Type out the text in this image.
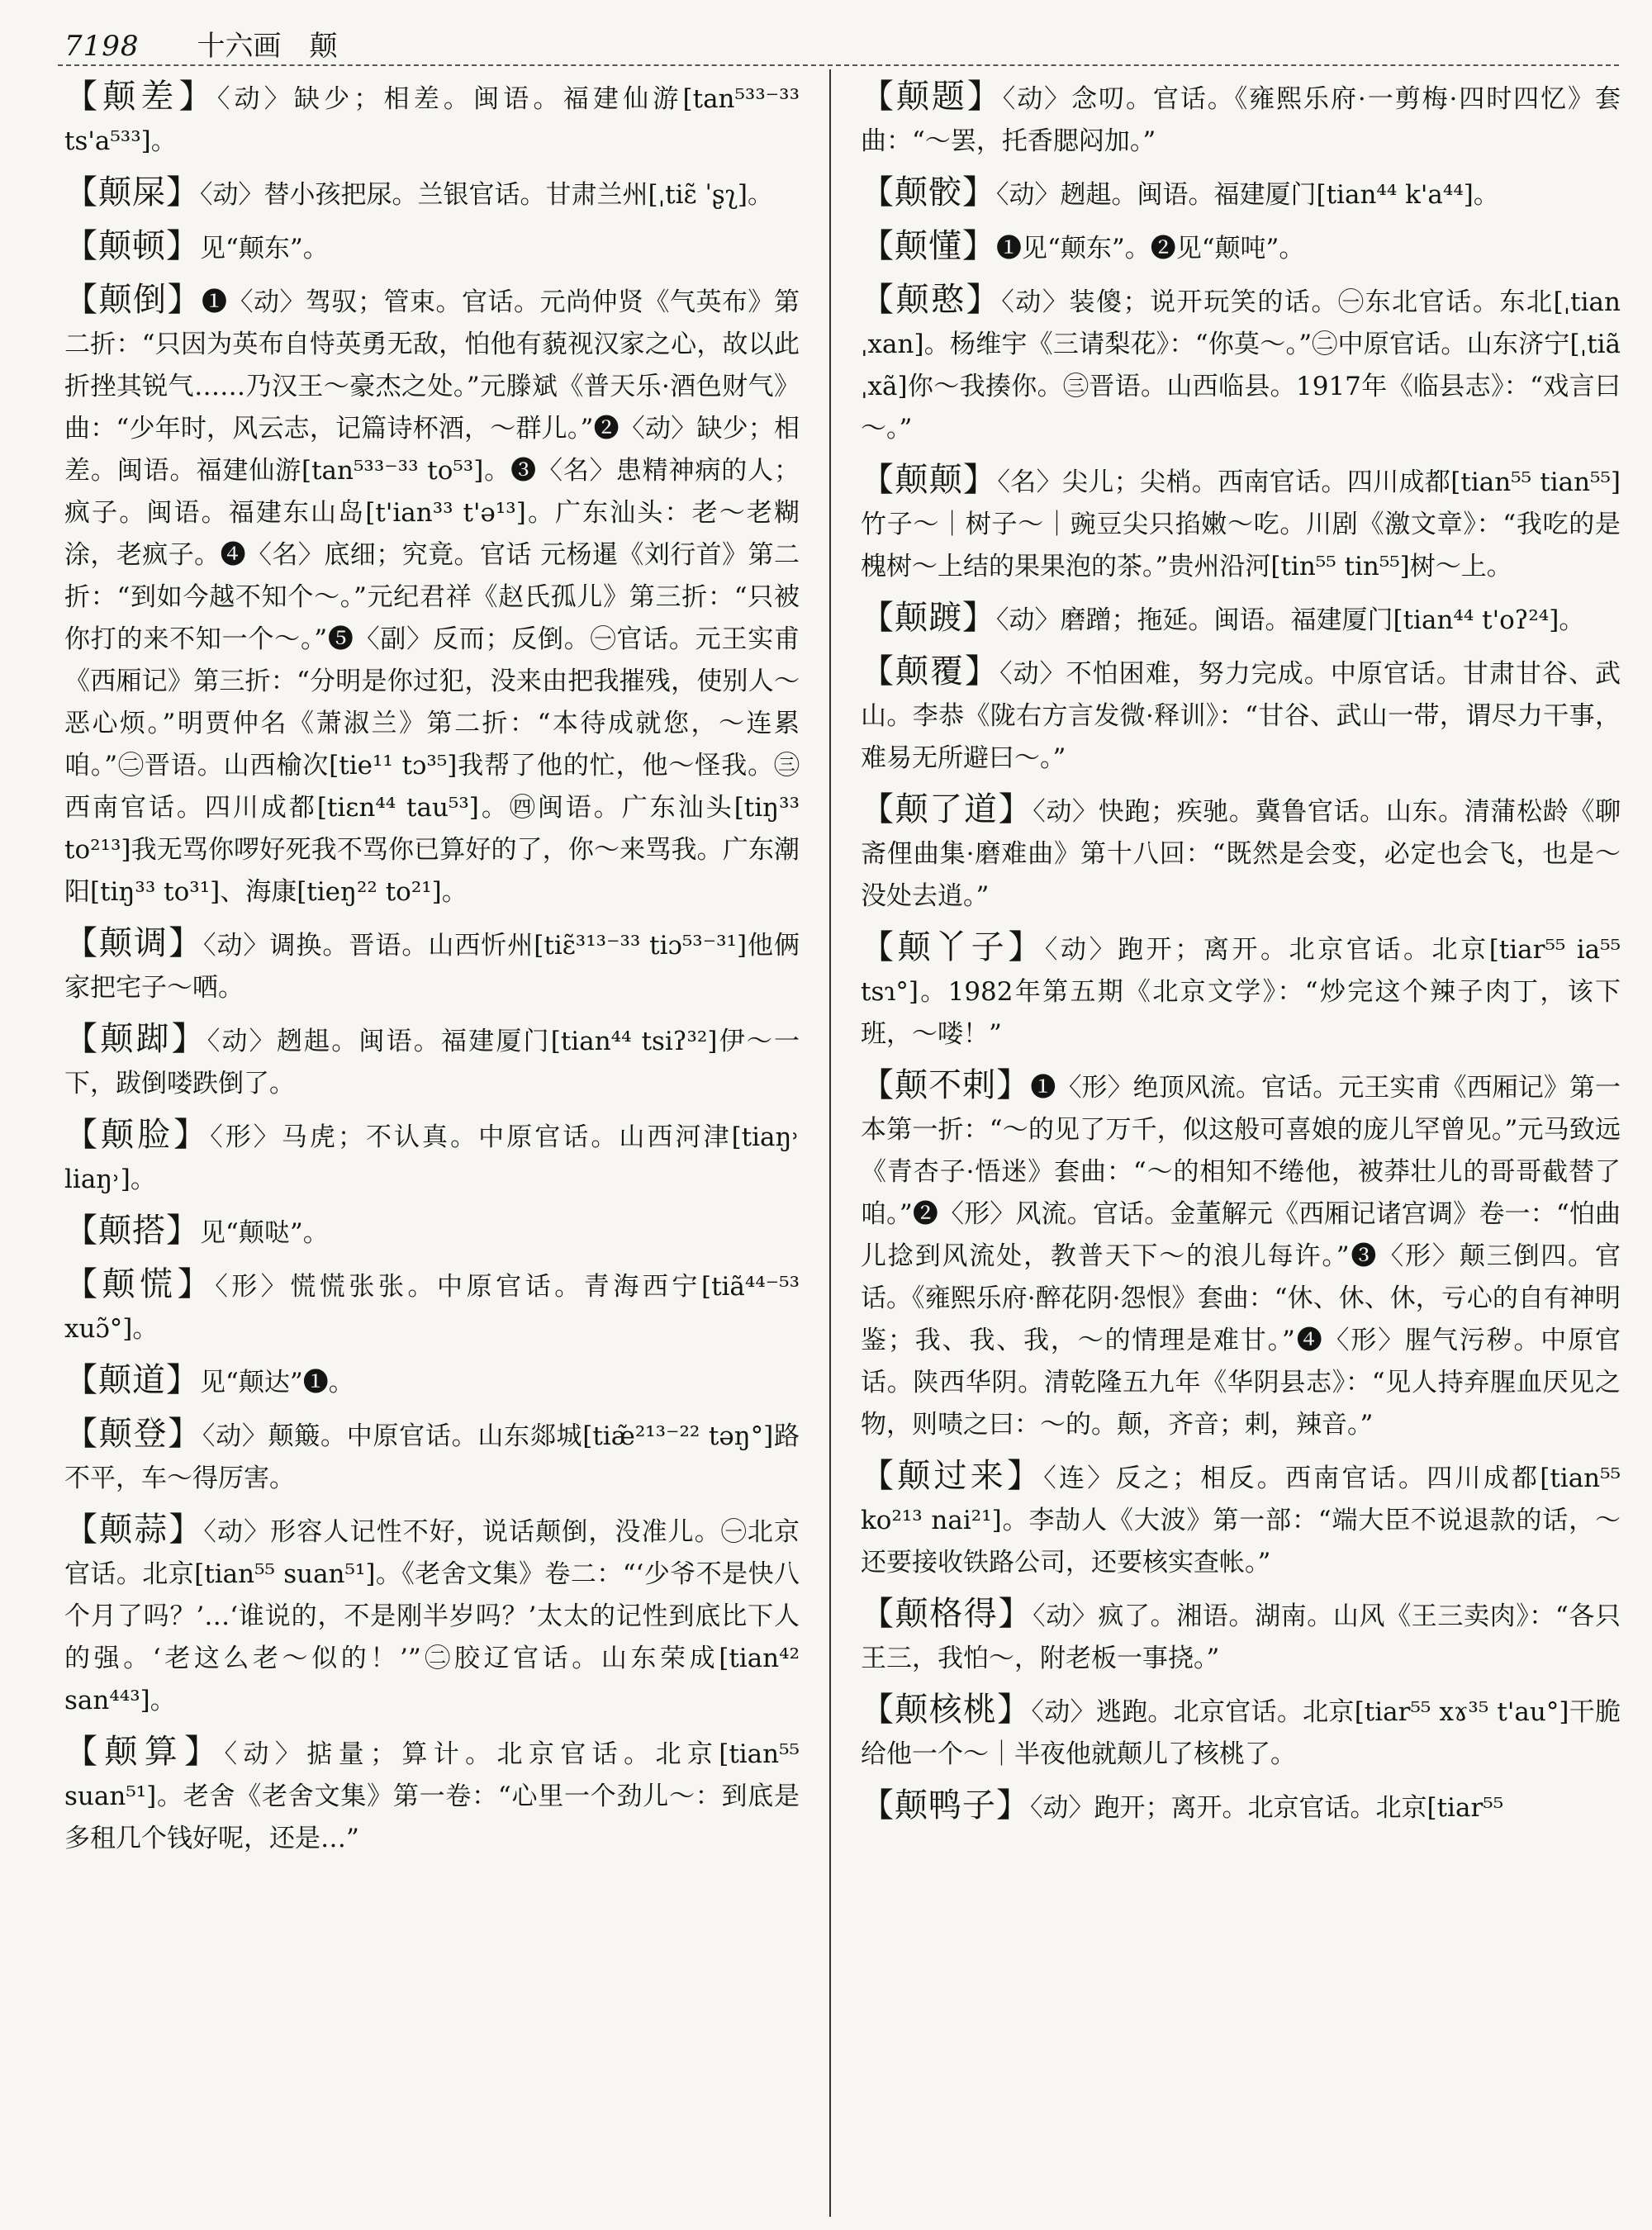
7198 十六画　颠
【颠差】〈动〉缺少；相差。闽语。福建仙游[tan⁵³³⁻³³ ts'a⁵³³]。
【颠屎】〈动〉替小孩把尿。兰银官话。甘肃兰州[ˌtiɛ̃ ˈʂʅ]。
【颠顿】见“颠东”。
【颠倒】❶〈动〉驾驭；管束。官话。元尚仲贤《气英布》第二折：“只因为英布自恃英勇无敌，怕他有藐视汉家之心，故以此折挫其锐气……乃汉王～豪杰之处。”元滕斌《普天乐·酒色财气》曲：“少年时，风云志，记篇诗杯酒，～群儿。”❷〈动〉缺少；相差。闽语。福建仙游[tan⁵³³⁻³³ to⁵³]。❸〈名〉患精神病的人；疯子。闽语。福建东山岛[t'ian³³ t'ə¹³]。广东汕头：老～老糊涂，老疯子。❹〈名〉底细；究竟。官话 元杨暹《刘行首》第二折：“到如今越不知个～。”元纪君祥《赵氏孤儿》第三折：“只被你打的来不知一个～。”❺〈副〉反而；反倒。㊀官话。元王实甫《西厢记》第三折：“分明是你过犯，没来由把我摧残，使别人～恶心烦。”明贾仲名《萧淑兰》第二折：“本待成就您，～连累咱。”㊁晋语。山西榆次[tie¹¹ tɔ³⁵]我帮了他的忙，他～怪我。㊂西南官话。四川成都[tiɛn⁴⁴ tau⁵³]。㊃闽语。广东汕头[tiŋ³³ to²¹³]我无骂你啰好死我不骂你已算好的了，你～来骂我。广东潮阳[tiŋ³³ to³¹]、海康[tieŋ²² to²¹]。
【颠调】〈动〉调换。晋语。山西忻州[tiɛ̃³¹³⁻³³ tiɔ⁵³⁻³¹]他俩家把宅子～哂。
【颠踋】〈动〉趔趄。闽语。福建厦门[tian⁴⁴ tsiʔ³²]伊～一下，跋倒喽跌倒了。
【颠脸】〈形〉马虎；不认真。中原官话。山西河津[tiaŋ˒ liaŋ˒]。
【颠搭】见“颠哒”。
【颠慌】〈形〉慌慌张张。中原官话。青海西宁[tiã⁴⁴⁻⁵³ xuɔ̃°]。
【颠道】见“颠达”❶。
【颠登】〈动〉颠簸。中原官话。山东郯城[tiæ̃²¹³⁻²² təŋ°]路不平，车～得厉害。
【颠蒜】〈动〉形容人记性不好，说话颠倒，没准儿。㊀北京官话。北京[tian⁵⁵ suan⁵¹]。《老舍文集》卷二：“‘少爷不是快八个月了吗？’…‘谁说的，不是刚半岁吗？’太太的记性到底比下人的强。‘老这么老～似的！’”㊁胶辽官话。山东荣成[tian⁴² san⁴⁴³]。
【颠算】〈动〉掂量；算计。北京官话。北京[tian⁵⁵ suan⁵¹]。老舍《老舍文集》第一卷：“心里一个劲儿～：到底是多租几个钱好呢，还是…”
【颠题】〈动〉念叨。官话。《雍熙乐府·一剪梅·四时四忆》套曲：“～罢，托香腮闷加。”
【颠骹】〈动〉趔趄。闽语。福建厦门[tian⁴⁴ k'a⁴⁴]。
【颠懂】❶见“颠东”。❷见“颠吨”。
【颠憨】〈动〉装傻；说开玩笑的话。㊀东北官话。东北[ˌtian ˌxan]。杨维宇《三请梨花》：“你莫～。”㊁中原官话。山东济宁[ˌtiã ˌxã]你～我揍你。㊂晋语。山西临县。1917年《临县志》：“戏言曰～。”
【颠颠】〈名〉尖儿；尖梢。西南官话。四川成都[tian⁵⁵ tian⁵⁵]竹子～｜树子～｜豌豆尖只掐嫩～吃。川剧《激文章》：“我吃的是槐树～上结的果果泡的茶。”贵州沿河[tin⁵⁵ tin⁵⁵]树～上。
【颠踱】〈动〉磨蹭；拖延。闽语。福建厦门[tian⁴⁴ t'oʔ²⁴]。
【颠覆】〈动〉不怕困难，努力完成。中原官话。甘肃甘谷、武山。李恭《陇右方言发微·释训》：“甘谷、武山一带，谓尽力干事，难易无所避曰～。”
【颠了道】〈动〉快跑；疾驰。冀鲁官话。山东。清蒲松龄《聊斋俚曲集·磨难曲》第十八回：“既然是会变，必定也会飞，也是～没处去逍。”
【颠丫子】〈动〉跑开；离开。北京官话。北京[tiar⁵⁵ ia⁵⁵ tsɿ°]。1982年第五期《北京文学》：“炒完这个辣子肉丁，该下班，～喽！”
【颠不剌】❶〈形〉绝顶风流。官话。元王实甫《西厢记》第一本第一折：“～的见了万千，似这般可喜娘的庞儿罕曾见。”元马致远《青杏子·悟迷》套曲：“～的相知不绻他，被莽壮儿的哥哥截替了咱。”❷〈形〉风流。官话。金董解元《西厢记诸宫调》卷一：“怕曲儿捻到风流处，教普天下～的浪儿每许。”❸〈形〉颠三倒四。官话。《雍熙乐府·醉花阴·怨恨》套曲：“休、休、休，亏心的自有神明鉴；我、我、我，～的情理是难甘。”❹〈形〉腥气污秽。中原官话。陕西华阴。清乾隆五九年《华阴县志》：“见人持弃腥血厌见之物，则啧之曰：～的。颠，齐音；剌，辣音。”
【颠过来】〈连〉反之；相反。西南官话。四川成都[tian⁵⁵ ko²¹³ nai²¹]。李劼人《大波》第一部：“端大臣不说退款的话，～还要接收铁路公司，还要核实查帐。”
【颠格得】〈动〉疯了。湘语。湖南。山风《王三卖肉》：“各只王三，我怕～，附老板一事挠。”
【颠核桃】〈动〉逃跑。北京官话。北京[tiar⁵⁵ xɤ³⁵ t'au°]干脆给他一个～｜半夜他就颠儿了核桃了。
【颠鸭子】〈动〉跑开；离开。北京官话。北京[tiar⁵⁵
